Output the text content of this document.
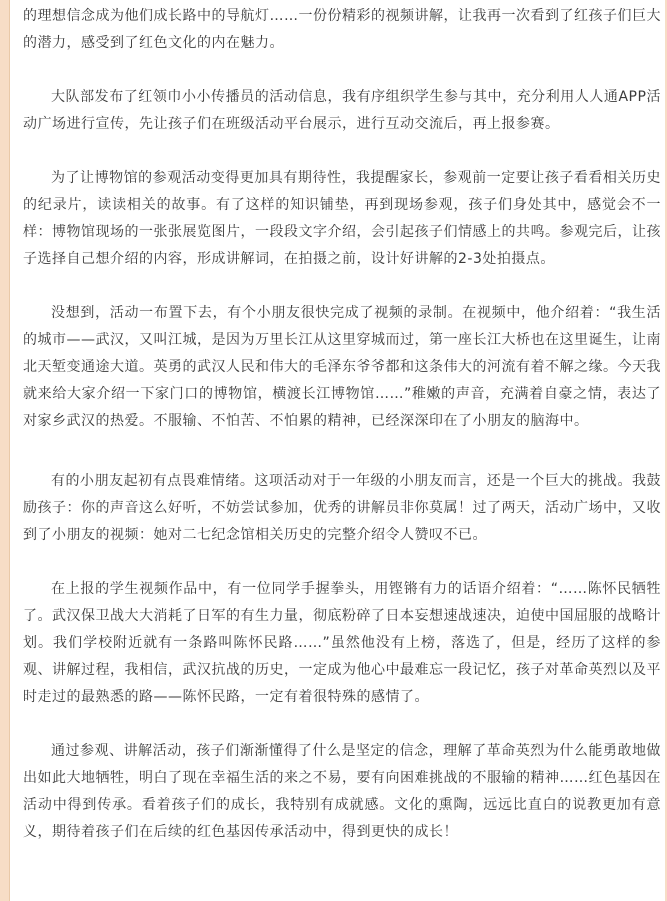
的理想信念成为他们成长路中的导航灯……一份份精彩的视频讲解，让我再一次看到了红孩子们巨大的潜力，感受到了红色文化的内在魅力。

大队部发布了红领巾小小传播员的活动信息，我有序组织学生参与其中，充分利用人人通APP活动广场进行宣传，先让孩子们在班级活动平台展示，进行互动交流后，再上报参赛。

为了让博物馆的参观活动变得更加具有期待性，我提醒家长，参观前一定要让孩子看看相关历史的纪录片，读读相关的故事。有了这样的知识铺垫，再到现场参观，孩子们身处其中，感觉会不一样：博物馆现场的一张张展览图片，一段段文字介绍，会引起孩子们情感上的共鸣。参观完后，让孩子选择自己想介绍的内容，形成讲解词，在拍摄之前，设计好讲解的2-3处拍摄点。

没想到，活动一布置下去，有个小朋友很快完成了视频的录制。在视频中，他介绍着：“我生活的城市——武汉，又叫江城，是因为万里长江从这里穿城而过，第一座长江大桥也在这里诞生，让南北天堑变通途大道。英勇的武汉人民和伟大的毛泽东爷爷都和这条伟大的河流有着不解之缘。今天我就来给大家介绍一下家门口的博物馆，横渡长江博物馆……”稚嫩的声音，充满着自豪之情，表达了对家乡武汉的热爱。不服输、不怕苦、不怕累的精神，已经深深印在了小朋友的脑海中。

有的小朋友起初有点畏难情绪。这项活动对于一年级的小朋友而言，还是一个巨大的挑战。我鼓励孩子：你的声音这么好听，不妨尝试参加，优秀的讲解员非你莫属！过了两天，活动广场中，又收到了小朋友的视频：她对二七纪念馆相关历史的完整介绍令人赞叹不已。

在上报的学生视频作品中，有一位同学手握拳头，用铿锵有力的话语介绍着：“……陈怀民牺牲了。武汉保卫战大大消耗了日军的有生力量，彻底粉碎了日本妄想速战速决，迫使中国屈服的战略计划。我们学校附近就有一条路叫陈怀民路……”虽然他没有上榜，落选了，但是，经历了这样的参观、讲解过程，我相信，武汉抗战的历史，一定成为他心中最难忘一段记忆，孩子对革命英烈以及平时走过的最熟悉的路——陈怀民路，一定有着很特殊的感情了。

通过参观、讲解活动，孩子们渐渐懂得了什么是坚定的信念，理解了革命英烈为什么能勇敢地做出如此大地牺牲，明白了现在幸福生活的来之不易，要有向困难挑战的不服输的精神……红色基因在活动中得到传承。看着孩子们的成长，我特别有成就感。文化的熏陶，远远比直白的说教更加有意义，期待着孩子们在后续的红色基因传承活动中，得到更快的成长！
